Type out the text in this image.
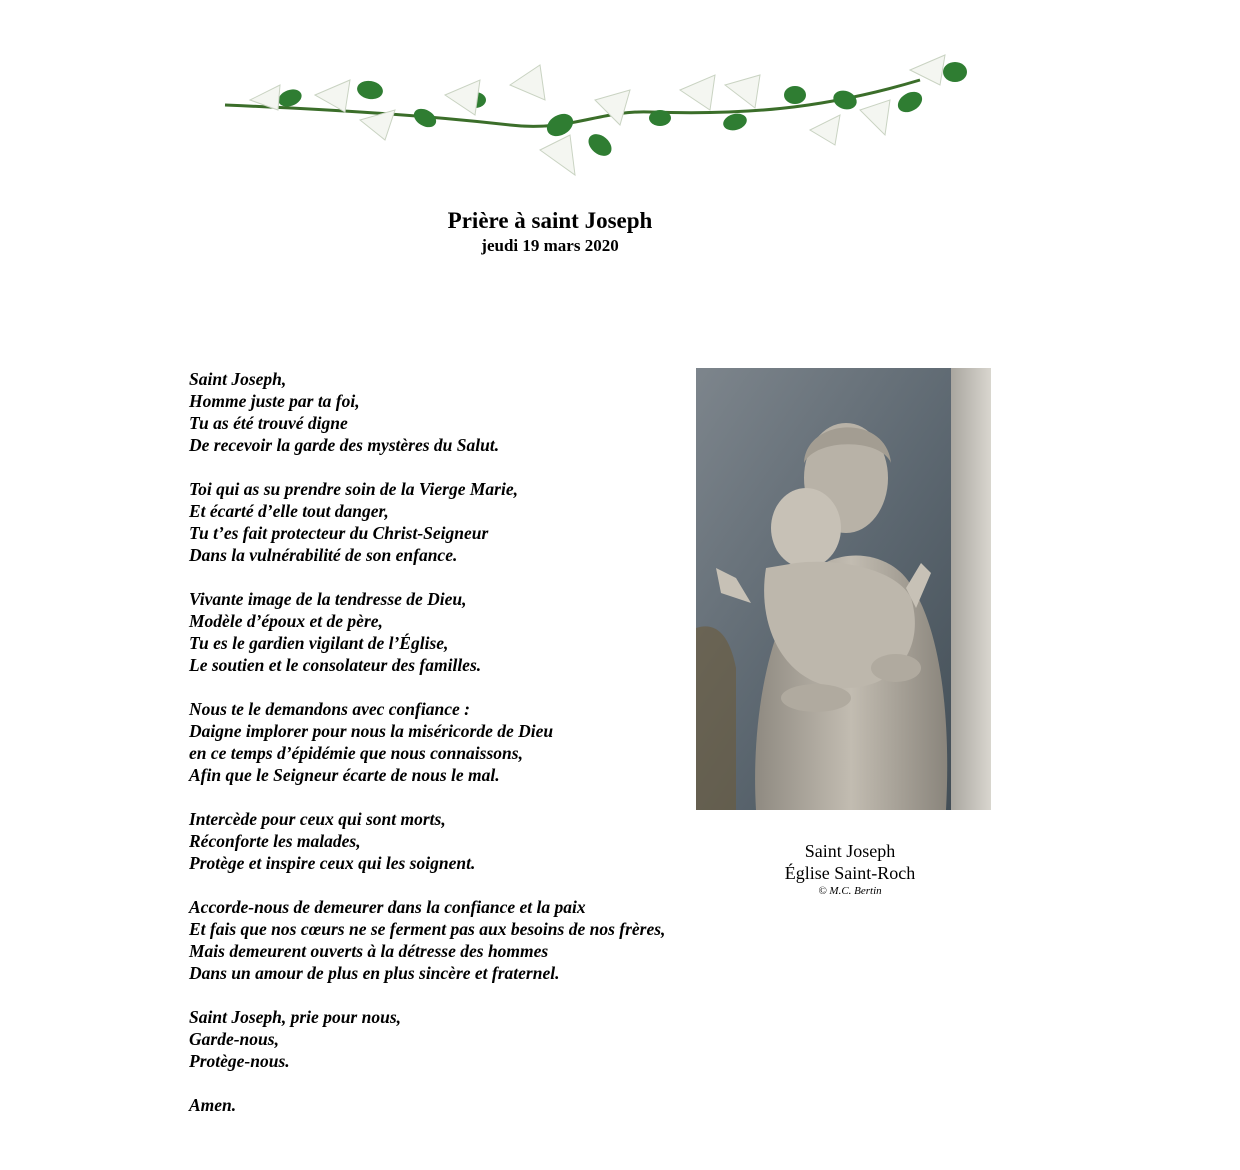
Prière à saint Joseph
jeudi 19 mars 2020
Saint Joseph,
Homme juste par ta foi,
Tu as été trouvé digne
De recevoir la garde des mystères du Salut.
Toi qui as su prendre soin de la Vierge Marie,
Et écarté d’elle tout danger,
Tu t’es fait protecteur du Christ-Seigneur
Dans la vulnérabilité de son enfance.
Vivante image de la tendresse de Dieu,
Modèle d’époux et de père,
Tu es le gardien vigilant de l’Église,
Le soutien et le consolateur des familles.
Nous te le demandons avec confiance :
Daigne implorer pour nous la miséricorde de Dieu
en ce temps d’épidémie que nous connaissons,
Afin que le Seigneur écarte de nous le mal.
Intercède pour ceux qui sont morts,
Réconforte les malades,
Protège et inspire ceux qui les soignent.
Accorde-nous de demeurer dans la confiance et la paix
Et fais que nos cœurs ne se ferment pas aux besoins de nos frères,
Mais demeurent ouverts à la détresse des hommes
Dans un amour de plus en plus sincère et fraternel.
Saint Joseph, prie pour nous,
Garde-nous,
Protège-nous.
Amen.
Saint Joseph
Église Saint-Roch
© M.C. Bertin
